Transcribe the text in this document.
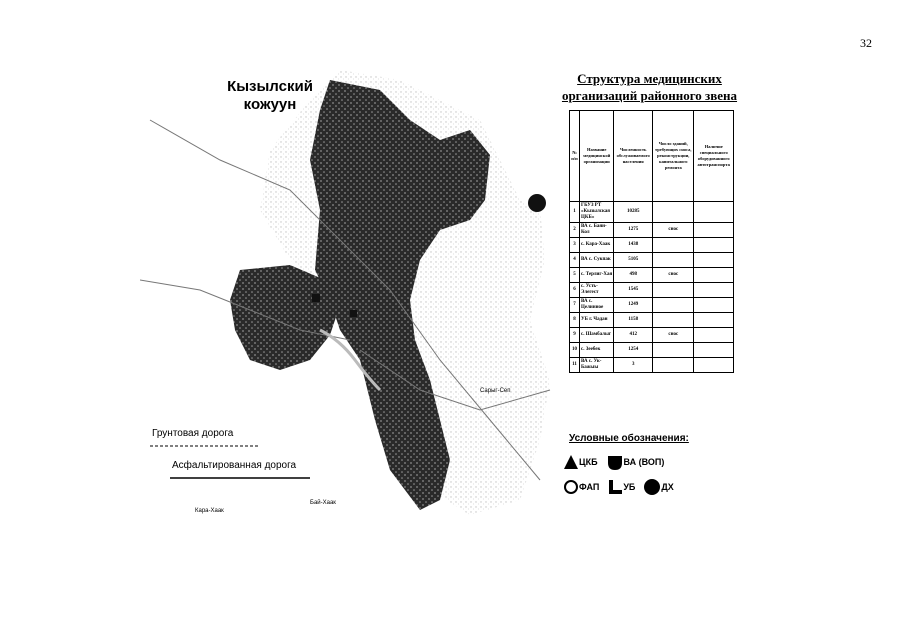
32
Кызылский
кожуун
Грунтовая дорога
Асфальтированная дорога
Бай-Хаак
Сарыг-Сеп
Кара-Хаак
Структура медицинских
организаций районного звена
№ п/п	Название медицинской организации	Численность обслуживаемого населения	Число зданий, требующих сноса, реконструкции, капитального ремонта	Наличие специального оборудованного автотранспорта
1	ГБУЗ РТ «Кызылская ЦКБ»	10285		
2	ВА с. Баян-Кол	1275	снос	
3	с. Кара-Хаак	1438		
4	ВА с. Сукпак	5105		
5	с. Терлиг-Хая	498	снос	
6	с. Усть-Элегест	1545		
7	ВА с. Целинное	1249		
8	УБ г. Чадан	1158		
9	с. Шамбалыг	412	снос	
10	с. Зеебек	1254		
11	ВА с. Ук-Бажыы	3		
Условные обозначения:
ЦКБ	ВА (ВОП)
ФАП	УБ	ДХ
